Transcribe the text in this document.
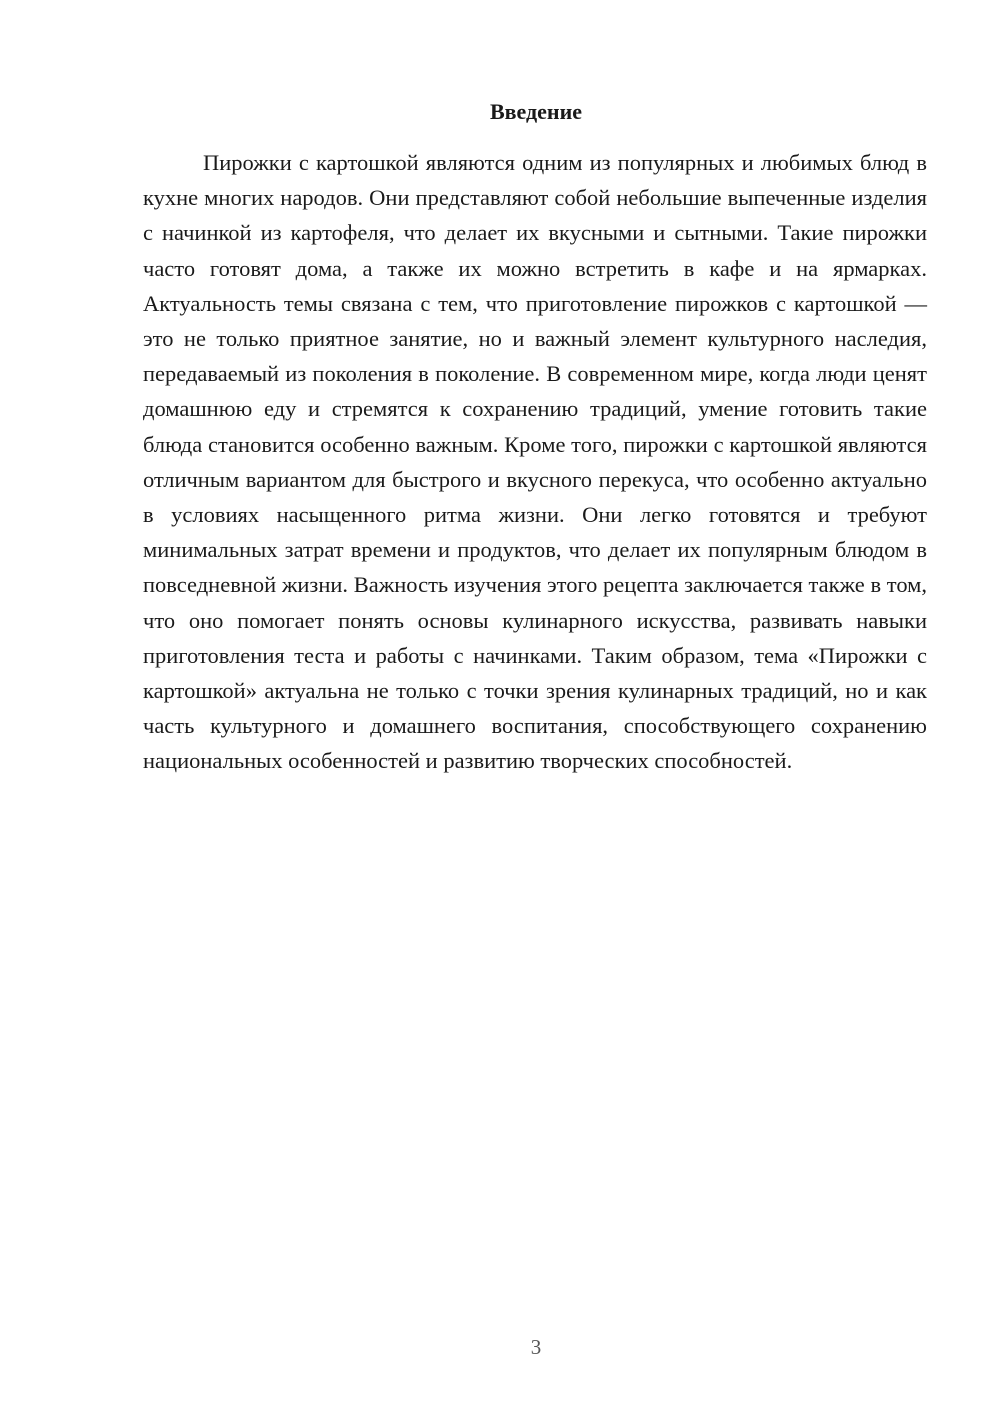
Введение

Пирожки с картошкой являются одним из популярных и любимых блюд в кухне многих народов. Они представляют собой небольшие выпеченные изделия с начинкой из картофеля, что делает их вкусными и сытными. Такие пирожки часто готовят дома, а также их можно встретить в кафе и на ярмарках. Актуальность темы связана с тем, что приготовление пирожков с картошкой — это не только приятное занятие, но и важный элемент культурного наследия, передаваемый из поколения в поколение. В современном мире, когда люди ценят домашнюю еду и стремятся к сохранению традиций, умение готовить такие блюда становится особенно важным. Кроме того, пирожки с картошкой являются отличным вариантом для быстрого и вкусного перекуса, что особенно актуально в условиях насыщенного ритма жизни. Они легко готовятся и требуют минимальных затрат времени и продуктов, что делает их популярным блюдом в повседневной жизни. Важность изучения этого рецепта заключается также в том, что оно помогает понять основы кулинарного искусства, развивать навыки приготовления теста и работы с начинками. Таким образом, тема «Пирожки с картошкой» актуальна не только с точки зрения кулинарных традиций, но и как часть культурного и домашнего воспитания, способствующего сохранению национальных особенностей и развитию творческих способностей.

3
